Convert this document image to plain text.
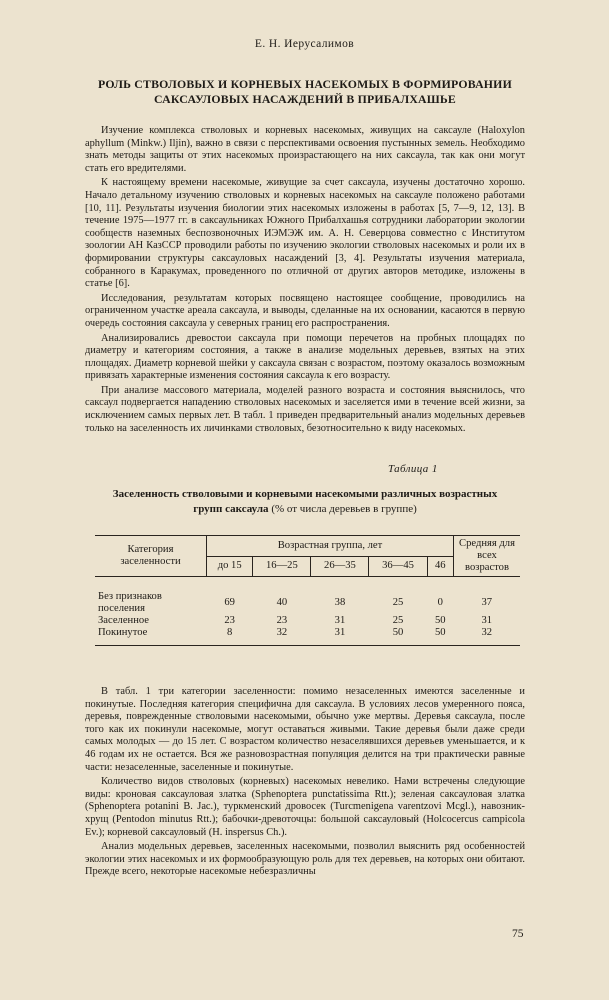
Е. Н. Иерусалимов
РОЛЬ СТВОЛОВЫХ И КОРНЕВЫХ НАСЕКОМЫХ В ФОРМИРОВАНИИ САКСАУЛОВЫХ НАСАЖДЕНИЙ В ПРИБАЛХАШЬЕ

Изучение комплекса стволовых и корневых насекомых, живущих на саксауле (Haloxylon aphyllum (Minkw.) Iljin), важно в связи с перспективами освоения пустынных земель. Необходимо знать методы защиты от этих насекомых произрастающего на них саксаула, так как они могут стать его вредителями.

К настоящему времени насекомые, живущие за счет саксаула, изучены достаточно хорошо. Начало детальному изучению стволовых и корневых насекомых на саксауле положено работами [10, 11]. Результаты изучения биологии этих насекомых изложены в работах [5, 7—9, 12, 13]. В течение 1975—1977 гг. в саксаульниках Южного Прибалхашья сотрудники лаборатории экологии сообществ наземных беспозвоночных ИЭМЭЖ им. А. Н. Северцова совместно с Институтом зоологии АН КазССР проводили работы по изучению экологии стволовых насекомых и роли их в формировании структуры саксауловых насаждений [3, 4]. Результаты изучения материала, собранного в Каракумах, проведенного по отличной от других авторов методике, изложены в статье [6].

Исследования, результатам которых посвящено настоящее сообщение, проводились на ограниченном участке ареала саксаула, и выводы, сделанные на их основании, касаются в первую очередь состояния саксаула у северных границ его распространения.

Анализировались древостои саксаула при помощи перечетов на пробных площадях по диаметру и категориям состояния, а также в анализе модельных деревьев, взятых на этих площадях. Диаметр корневой шейки у саксаула связан с возрастом, поэтому оказалось возможным привязать характерные изменения состояния саксаула к его возрасту.

При анализе массового материала, моделей разного возраста и состояния выяснилось, что саксаул подвергается нападению стволовых насекомых и заселяется ими в течение всей жизни, за исключением самых первых лет. В табл. 1 приведен предварительный анализ модельных деревьев только на заселенность их личинками стволовых, безотносительно к виду насекомых.

Таблица 1
Заселенность стволовыми и корневыми насекомыми различных возрастных групп саксаула (% от числа деревьев в группе)
Категория заселенности	Возрастная группа, лет					Средняя для всех возрастов
	до 15	16—25	26—35	36—45	46	

Без признаков поселения	69	40	38	25	0	37
Заселенное	23	23	31	25	50	31
Покинутое	8	32	31	50	50	32

В табл. 1 три категории заселенности: помимо незаселенных имеются заселенные и покинутые. Последняя категория специфична для саксаула. В условиях лесов умеренного пояса, деревья, поврежденные стволовыми насекомыми, обычно уже мертвы. Деревья саксаула, после того как их покинули насекомые, могут оставаться живыми. Такие деревья были даже среди самых молодых — до 15 лет. С возрастом количество незаселявшихся деревьев уменьшается, и к 46 годам их не остается. Вся же разновозрастная популяция делится на три практически равные части: незаселенные, заселенные и покинутые.

Количество видов стволовых (корневых) насекомых невелико. Нами встречены следующие виды: кроновая саксауловая златка (Sphenoptera punctatissima Rtt.); зеленая саксауловая златка (Sphenoptera potanini B. Jac.), туркменский дровосек (Turcmenigena varentzovi Mcgl.), навозник-хрущ (Pentodon minutus Rtt.); бабочки-древоточцы: большой саксауловый (Holcocercus campicola Ev.); корневой саксауловый (H. inspersus Ch.).

Анализ модельных деревьев, заселенных насекомыми, позволил выяснить ряд особенностей экологии этих насекомых и их формообразующую роль для тех деревьев, на которых они обитают. Прежде всего, некоторые насекомые небезразличны

75
